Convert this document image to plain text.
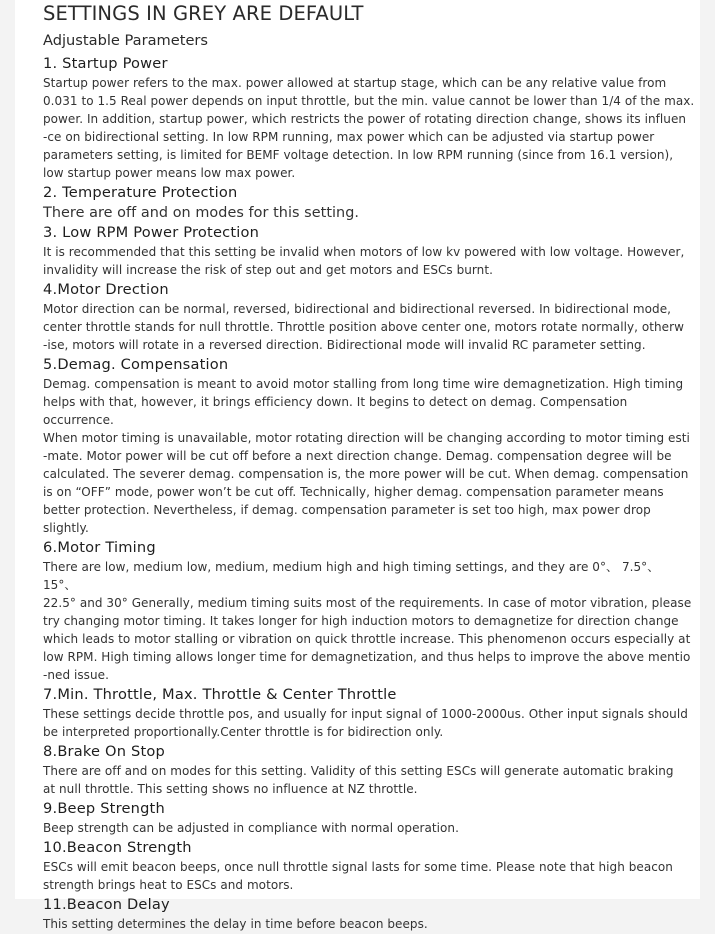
SETTINGS IN GREY ARE DEFAULT
Adjustable Parameters
1. Startup Power

Startup power refers to the max. power allowed at startup stage, which can be any relative value from
0.031 to 1.5 Real power depends on input throttle, but the min. value cannot be lower than 1/4 of the max.
power. In addition, startup power, which restricts the power of rotating direction change, shows its influen
-ce on bidirectional setting. In low RPM running, max power which can be adjusted via startup power
parameters setting, is limited for BEMF voltage detection. In low RPM running (since from 16.1 version),
low startup power means low max power.

2. Temperature Protection

There are off and on modes for this setting.

3. Low RPM Power Protection

It is recommended that this setting be invalid when motors of low kv powered with low voltage. However,
invalidity will increase the risk of step out and get motors and ESCs burnt.

4.Motor Drection

Motor direction can be normal, reversed, bidirectional and bidirectional reversed. In bidirectional mode,
center throttle stands for null throttle. Throttle position above center one, motors rotate normally, otherw
-ise, motors will rotate in a reversed direction. Bidirectional mode will invalid RC parameter setting.

5.Demag. Compensation

Demag. compensation is meant to avoid motor stalling from long time wire demagnetization. High timing
helps with that, however, it brings efficiency down. It begins to detect on demag. Compensation occurrence.
When motor timing is unavailable, motor rotating direction will be changing according to motor timing esti
-mate. Motor power will be cut off before a next direction change. Demag. compensation degree will be
calculated. The severer demag. compensation is, the more power will be cut. When demag. compensation
is on “OFF” mode, power won’t be cut off. Technically, higher demag. compensation parameter means
better protection. Nevertheless, if demag. compensation parameter is set too high, max power drop slightly.

6.Motor Timing

There are low, medium low, medium, medium high and high timing settings, and they are 0°、 7.5°、 15°、
22.5° and 30° Generally, medium timing suits most of the requirements. In case of motor vibration, please
try changing motor timing. It takes longer for high induction motors to demagnetize for direction change
which leads to motor stalling or vibration on quick throttle increase. This phenomenon occurs especially at
low RPM. High timing allows longer time for demagnetization, and thus helps to improve the above mentio
-ned issue.

7.Min. Throttle, Max. Throttle & Center Throttle

These settings decide throttle pos, and usually for input signal of 1000-2000us. Other input signals should
be interpreted proportionally.Center throttle is for bidirection only.

8.Brake On Stop

There are off and on modes for this setting. Validity of this setting ESCs will generate automatic braking
at null throttle. This setting shows no influence at NZ throttle.

9.Beep Strength

Beep strength can be adjusted in compliance with normal operation.

10.Beacon Strength

ESCs will emit beacon beeps, once null throttle signal lasts for some time. Please note that high beacon
strength brings heat to ESCs and motors.

11.Beacon Delay

This setting determines the delay in time before beacon beeps.
